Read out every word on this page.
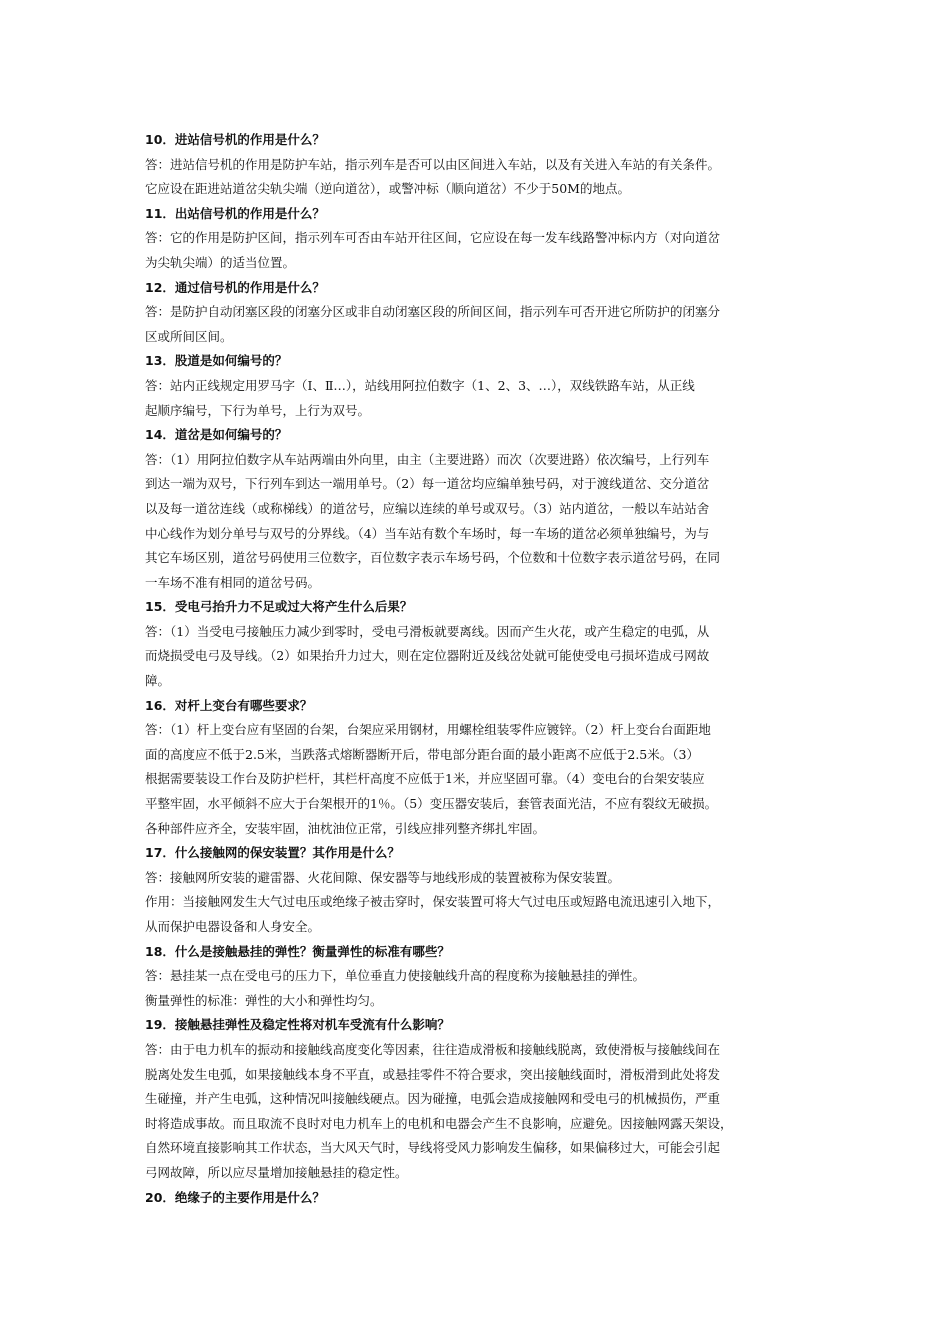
10．进站信号机的作用是什么？
答：进站信号机的作用是防护车站，指示列车是否可以由区间进入车站，以及有关进入车站的有关条件。
它应设在距进站道岔尖轨尖端（逆向道岔），或警冲标（顺向道岔）不少于50M的地点。
11．出站信号机的作用是什么？
答：它的作用是防护区间，指示列车可否由车站开往区间，它应设在每一发车线路警冲标内方（对向道岔
为尖轨尖端）的适当位置。
12．通过信号机的作用是什么？
答：是防护自动闭塞区段的闭塞分区或非自动闭塞区段的所间区间，指示列车可否开进它所防护的闭塞分
区或所间区间。
13．股道是如何编号的？
答：站内正线规定用罗马字（Ⅰ、Ⅱ…），站线用阿拉伯数字（1、2、3、…），双线铁路车站，从正线
起顺序编号，下行为单号，上行为双号。
14．道岔是如何编号的？
答：（1）用阿拉伯数字从车站两端由外向里，由主（主要进路）而次（次要进路）依次编号，上行列车
到达一端为双号，下行列车到达一端用单号。（2）每一道岔均应编单独号码，对于渡线道岔、交分道岔
以及每一道岔连线（或称梯线）的道岔号，应编以连续的单号或双号。（3）站内道岔，一般以车站站舍
中心线作为划分单号与双号的分界线。（4）当车站有数个车场时，每一车场的道岔必须单独编号，为与
其它车场区别，道岔号码使用三位数字，百位数字表示车场号码，个位数和十位数字表示道岔号码，在同
一车场不准有相同的道岔号码。
15．受电弓抬升力不足或过大将产生什么后果？
答：（1）当受电弓接触压力减少到零时，受电弓滑板就要离线。因而产生火花，或产生稳定的电弧，从
而烧损受电弓及导线。（2）如果抬升力过大，则在定位器附近及线岔处就可能使受电弓损坏造成弓网故
障。
16．对杆上变台有哪些要求？
答：（1）杆上变台应有坚固的台架，台架应采用钢材，用螺栓组装零件应镀锌。（2）杆上变台台面距地
面的高度应不低于2.5米，当跌落式熔断器断开后，带电部分距台面的最小距离不应低于2.5米。（3）
根据需要装设工作台及防护栏杆，其栏杆高度不应低于1米，并应坚固可靠。（4）变电台的台架安装应
平整牢固，水平倾斜不应大于台架根开的1％。（5）变压器安装后，套管表面光洁，不应有裂纹无破损。
各种部件应齐全，安装牢固，油枕油位正常，引线应排列整齐绑扎牢固。
17．什么接触网的保安装置？其作用是什么？
答：接触网所安装的避雷器、火花间隙、保安器等与地线形成的装置被称为保安装置。
作用：当接触网发生大气过电压或绝缘子被击穿时，保安装置可将大气过电压或短路电流迅速引入地下，
从而保护电器设备和人身安全。
18．什么是接触悬挂的弹性？衡量弹性的标准有哪些？
答：悬挂某一点在受电弓的压力下，单位垂直力使接触线升高的程度称为接触悬挂的弹性。
衡量弹性的标准：弹性的大小和弹性均匀。
19．接触悬挂弹性及稳定性将对机车受流有什么影响？
答：由于电力机车的振动和接触线高度变化等因素，往往造成滑板和接触线脱离，致使滑板与接触线间在
脱离处发生电弧，如果接触线本身不平直，或悬挂零件不符合要求，突出接触线面时，滑板滑到此处将发
生碰撞，并产生电弧，这种情况叫接触线硬点。因为碰撞，电弧会造成接触网和受电弓的机械损伤，严重
时将造成事故。而且取流不良时对电力机车上的电机和电器会产生不良影响，应避免。因接触网露天架设，
自然环境直接影响其工作状态，当大风天气时，导线将受风力影响发生偏移，如果偏移过大，可能会引起
弓网故障，所以应尽量增加接触悬挂的稳定性。
20．绝缘子的主要作用是什么？
